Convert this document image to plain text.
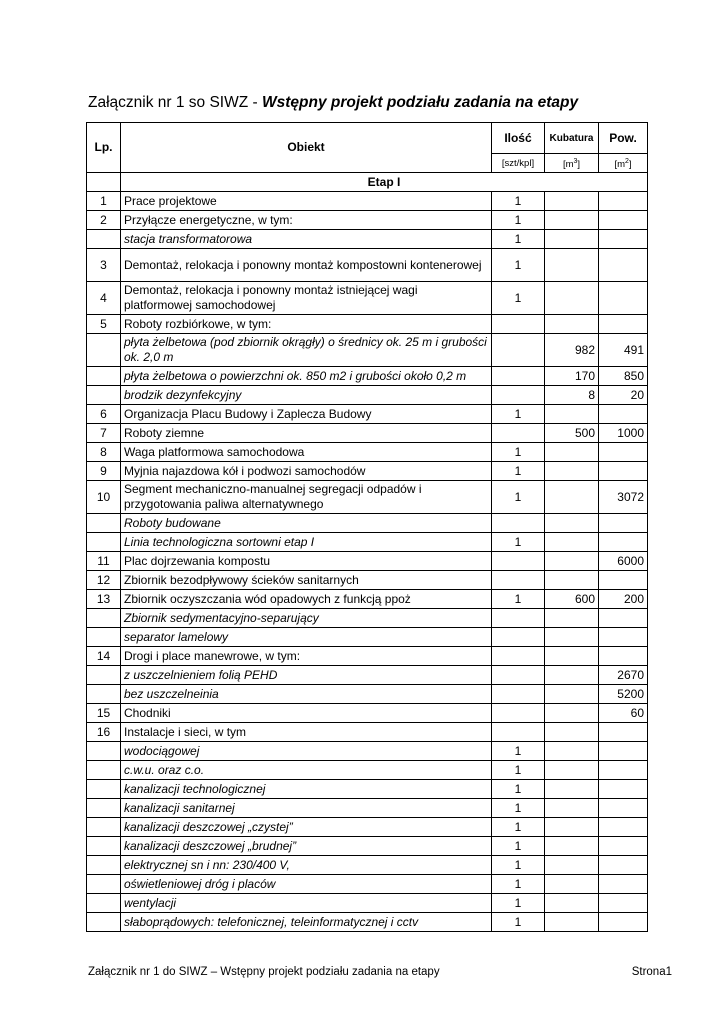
Załącznik nr 1 so SIWZ - Wstępny projekt podziału zadania na etapy
Lp.	Obiekt	Ilość	Kubatura	Pow.
		[szt/kpl]	$[m^3]$	$[m^2]$
	Etap I			
1	Prace projektowe	1		
2	Przyłącze energetyczne, w tym:	1		
	stacja transformatorowa	1		
3	Demontaż, relokacja i ponowny montaż kompostowni kontenerowej	1		
4	Demontaż, relokacja i ponowny montaż istniejącej wagi platformowej samochodowej	1		
5	Roboty rozbiórkowe, w tym:			
	płyta żelbetowa (pod zbiornik okrągły) o średnicy ok. 25 m i grubości ok. 2,0 m		982	491
	płyta żelbetowa o powierzchni ok. 850 m2 i grubości około 0,2 m		170	850
	brodzik dezynfekcyjny		8	20
6	Organizacja Placu Budowy i Zaplecza Budowy	1		
7	Roboty ziemne		500	1000
8	Waga platformowa samochodowa	1		
9	Myjnia najazdowa kół i podwozi samochodów	1		
10	Segment mechaniczno-manualnej segregacji odpadów i przygotowania paliwa alternatywnego	1		3072
	Roboty budowane			
	Linia technologiczna sortowni etap I	1		
11	Plac dojrzewania kompostu			6000
12	Zbiornik bezodpływowy ścieków sanitarnych			
13	Zbiornik oczyszczania wód opadowych z funkcją ppoż	1	600	200
	Zbiornik sedymentacyjno-separujący			
	separator lamelowy			
14	Drogi i place manewrowe, w tym:			
	z uszczelnieniem folią PEHD			2670
	bez uszczelneinia			5200
15	Chodniki			60
16	Instalacje i sieci, w tym			
	wodociągowej	1		
	c.w.u. oraz c.o.	1		
	kanalizacji technologicznej	1		
	kanalizacji sanitarnej	1		
	kanalizacji deszczowej „czystej”	1		
	kanalizacji deszczowej „brudnej”	1		
	elektrycznej sn i nn: 230/400 V,	1		
	oświetleniowej dróg i placów	1		
	wentylacji	1		
	słaboprądowych: telefonicznej, teleinformatycznej i cctv	1		
Załącznik nr 1 do SIWZ – Wstępny projekt podziału zadania na etapy	Strona1
